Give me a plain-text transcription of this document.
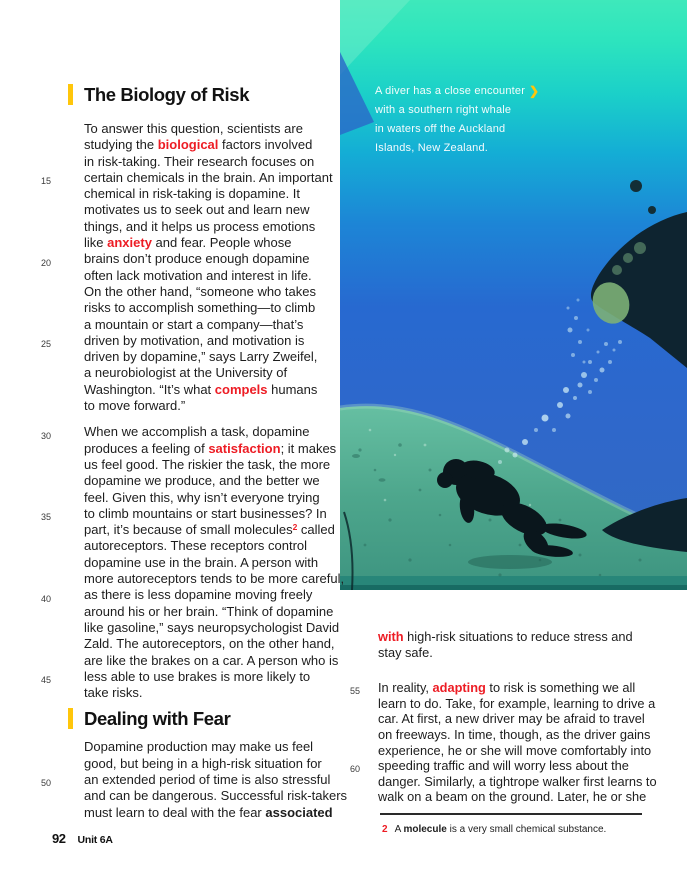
A diver has a close encounter
with a southern right whale
in waters off the Auckland
Islands, New Zealand.
❯
The Biology of Risk
To answer this question, scientists are
studying the biological factors involved
in risk-taking. Their research focuses on
15	certain chemicals in the brain. An important
chemical in risk-taking is dopamine. It
motivates us to seek out and learn new
things, and it helps us process emotions
like anxiety and fear. People whose
20	brains don’t produce enough dopamine
often lack motivation and interest in life.
On the other hand, “someone who takes
risks to accomplish something—to climb
a mountain or start a company—that’s
25	driven by motivation, and motivation is
driven by dopamine,” says Larry Zweifel,
a neurobiologist at the University of
Washington. “It’s what compels humans
to move forward.”
30	When we accomplish a task, dopamine
produces a feeling of satisfaction; it makes
us feel good. The riskier the task, the more
dopamine we produce, and the better we
feel. Given this, why isn’t everyone trying
35	to climb mountains or start businesses? In
part, it’s because of small molecules$^2$ called
autoreceptors. These receptors control
dopamine use in the brain. A person with
more autoreceptors tends to be more careful,
40	as there is less dopamine moving freely
around his or her brain. “Think of dopamine
like gasoline,” says neuropsychologist David
Zald. The autoreceptors, on the other hand,
are like the brakes on a car. A person who is
45	less able to use brakes is more likely to
take risks.
Dealing with Fear
Dopamine production may make us feel
good, but being in a high-risk situation for
50	an extended period of time is also stressful
and can be dangerous. Successful risk-takers
must learn to deal with the fear associated
with high-risk situations to reduce stress and
stay safe.
55 In reality, adapting to risk is something we all
learn to do. Take, for example, learning to drive a
car. At first, a new driver may be afraid to travel
on freeways. In time, though, as the driver gains
experience, he or she will move comfortably into
60 speeding traffic and will worry less about the
danger. Similarly, a tightrope walker first learns to
walk on a beam on the ground. Later, he or she
2 A molecule is a very small chemical substance.
92 Unit 6A
